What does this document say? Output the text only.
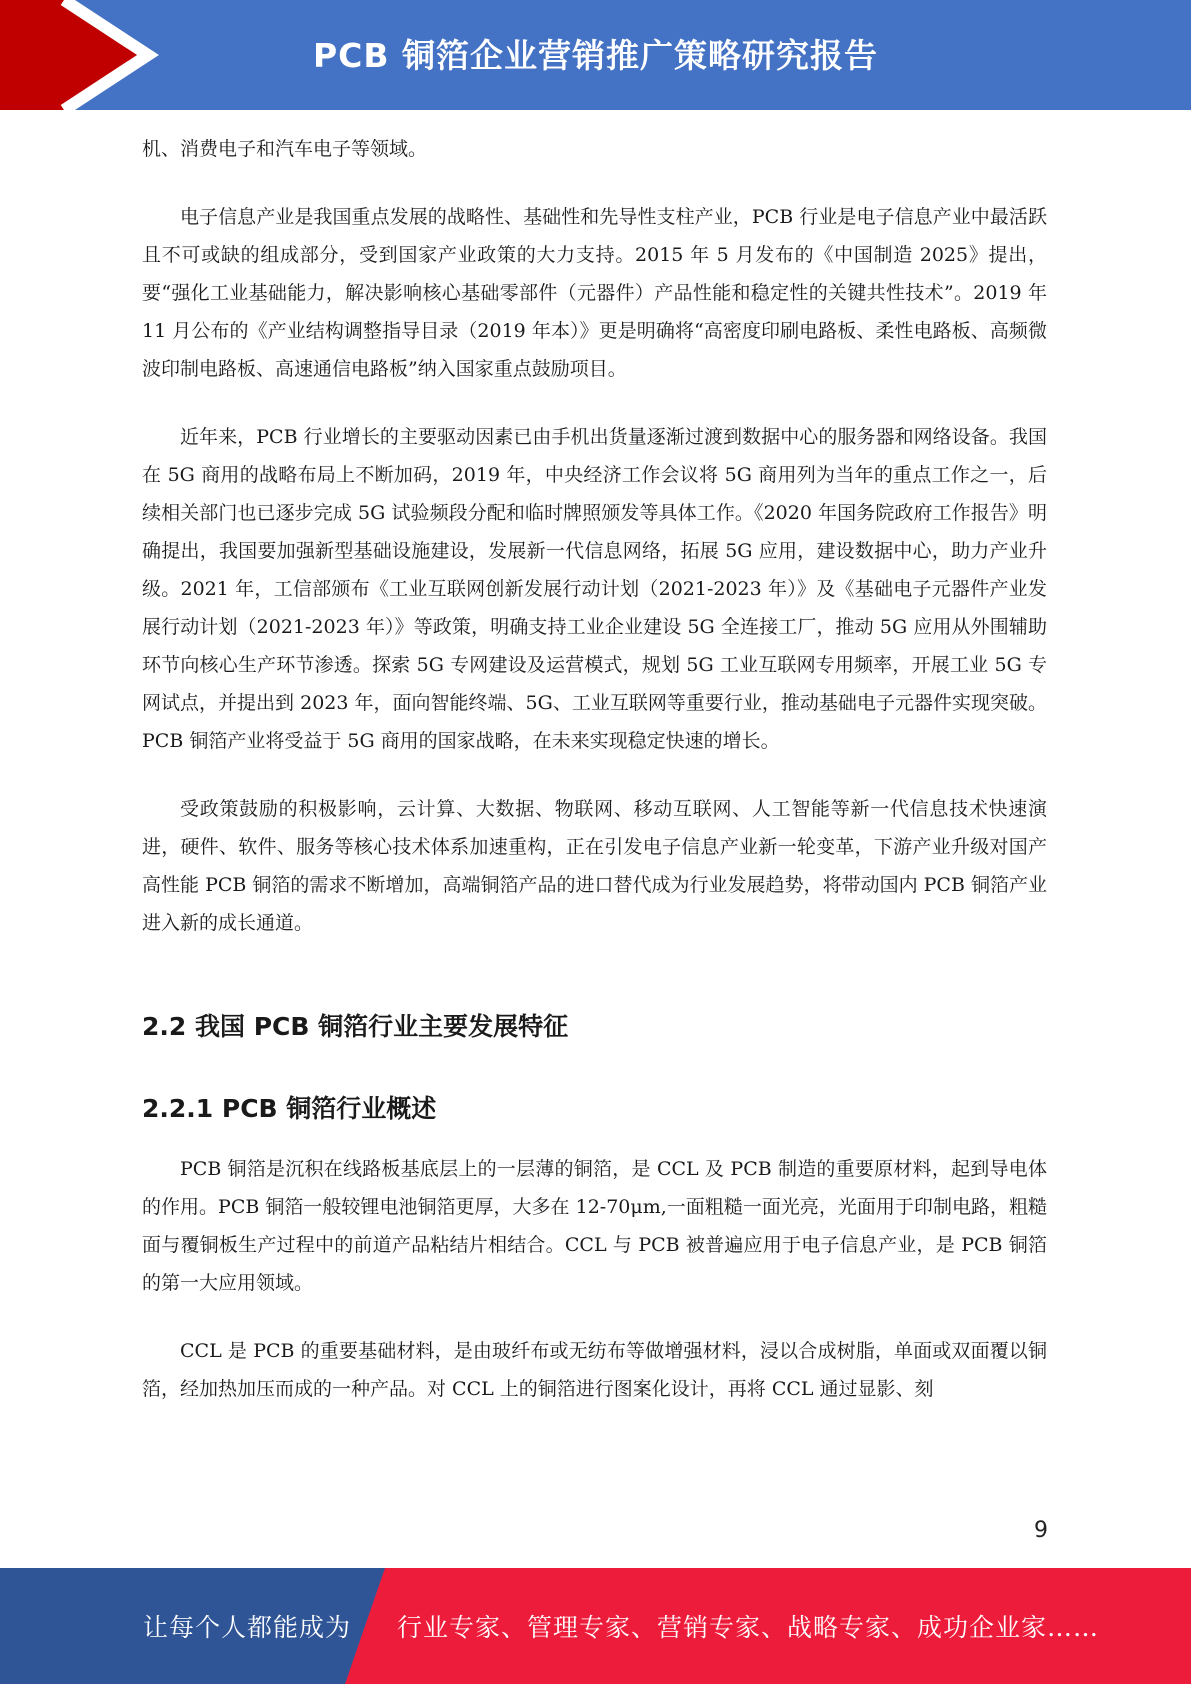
PCB 铜箔企业营销推广策略研究报告

机、消费电子和汽车电子等领域。

电子信息产业是我国重点发展的战略性、基础性和先导性支柱产业，PCB 行业是电子信息产业中最活跃且不可或缺的组成部分，受到国家产业政策的大力支持。2015 年 5 月发布的《中国制造 2025》提出，要“强化工业基础能力，解决影响核心基础零部件（元器件）产品性能和稳定性的关键共性技术”。2019 年 11 月公布的《产业结构调整指导目录（2019 年本）》更是明确将“高密度印刷电路板、柔性电路板、高频微波印制电路板、高速通信电路板”纳入国家重点鼓励项目。

近年来，PCB 行业增长的主要驱动因素已由手机出货量逐渐过渡到数据中心的服务器和网络设备。我国在 5G 商用的战略布局上不断加码，2019 年，中央经济工作会议将 5G 商用列为当年的重点工作之一，后续相关部门也已逐步完成 5G 试验频段分配和临时牌照颁发等具体工作。《2020 年国务院政府工作报告》明确提出，我国要加强新型基础设施建设，发展新一代信息网络，拓展 5G 应用，建设数据中心，助力产业升级。2021 年，工信部颁布《工业互联网创新发展行动计划（2021-2023 年）》及《基础电子元器件产业发展行动计划（2021-2023 年）》等政策，明确支持工业企业建设 5G 全连接工厂，推动 5G 应用从外围辅助环节向核心生产环节渗透。探索 5G 专网建设及运营模式，规划 5G 工业互联网专用频率，开展工业 5G 专网试点，并提出到 2023 年，面向智能终端、5G、工业互联网等重要行业，推动基础电子元器件实现突破。PCB 铜箔产业将受益于 5G 商用的国家战略，在未来实现稳定快速的增长。

受政策鼓励的积极影响，云计算、大数据、物联网、移动互联网、人工智能等新一代信息技术快速演进，硬件、软件、服务等核心技术体系加速重构，正在引发电子信息产业新一轮变革，下游产业升级对国产高性能 PCB 铜箔的需求不断增加，高端铜箔产品的进口替代成为行业发展趋势，将带动国内 PCB 铜箔产业进入新的成长通道。

2.2 我国 PCB 铜箔行业主要发展特征
2.2.1 PCB 铜箔行业概述

PCB 铜箔是沉积在线路板基底层上的一层薄的铜箔，是 CCL 及 PCB 制造的重要原材料，起到导电体的作用。PCB 铜箔一般较锂电池铜箔更厚，大多在 12-70μm,一面粗糙一面光亮，光面用于印制电路，粗糙面与覆铜板生产过程中的前道产品粘结片相结合。CCL 与 PCB 被普遍应用于电子信息产业，是 PCB 铜箔的第一大应用领域。

CCL 是 PCB 的重要基础材料，是由玻纤布或无纺布等做增强材料，浸以合成树脂，单面或双面覆以铜箔，经加热加压而成的一种产品。对 CCL 上的铜箔进行图案化设计，再将 CCL 通过显影、刻

9
让每个人都能成为 行业专家、管理专家、营销专家、战略专家、成功企业家……
